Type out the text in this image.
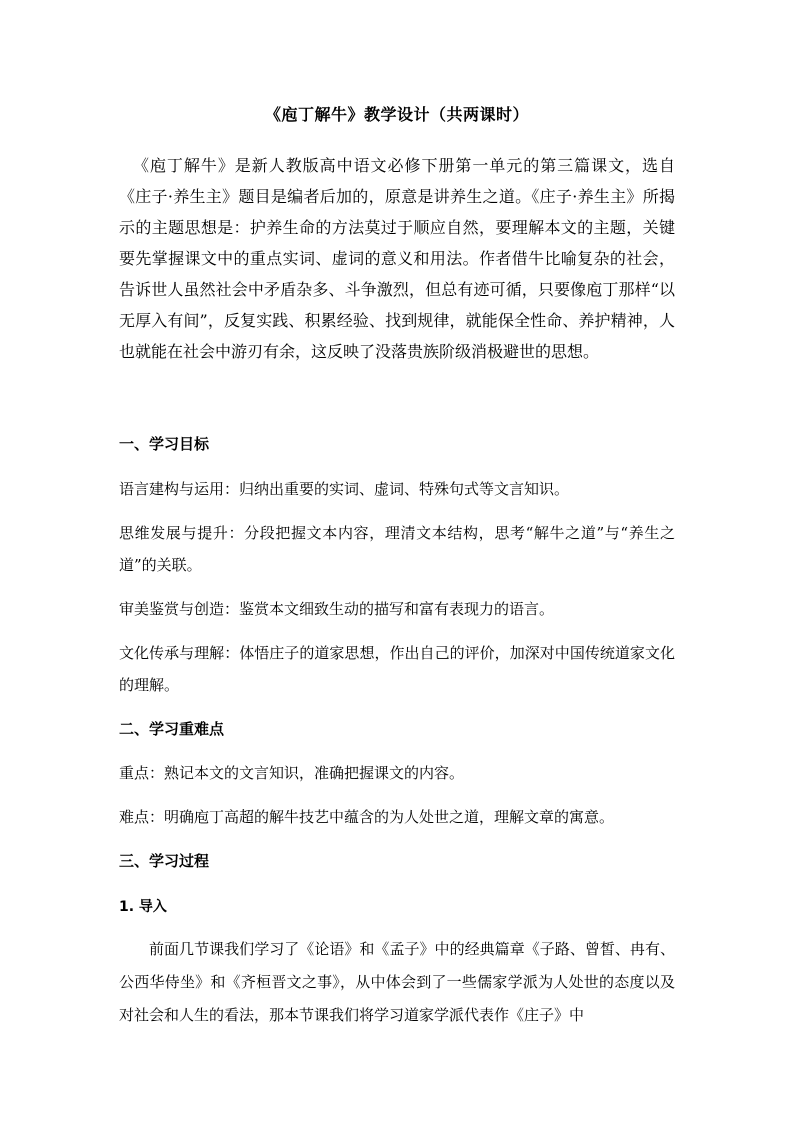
《庖丁解牛》教学设计（共两课时）
《庖丁解牛》是新人教版高中语文必修下册第一单元的第三篇课文，选自《庄子·养生主》题目是编者后加的，原意是讲养生之道。《庄子·养生主》所揭示的主题思想是：护养生命的方法莫过于顺应自然，要理解本文的主题，关键要先掌握课文中的重点实词、虚词的意义和用法。作者借牛比喻复杂的社会，告诉世人虽然社会中矛盾杂多、斗争激烈，但总有迹可循，只要像庖丁那样“以无厚入有间”，反复实践、积累经验、找到规律，就能保全性命、养护精神，人也就能在社会中游刃有余，这反映了没落贵族阶级消极避世的思想。
一、学习目标
语言建构与运用：归纳出重要的实词、虚词、特殊句式等文言知识。
思维发展与提升：分段把握文本内容，理清文本结构，思考“解牛之道”与“养生之道”的关联。
审美鉴赏与创造：鉴赏本文细致生动的描写和富有表现力的语言。
文化传承与理解：体悟庄子的道家思想，作出自己的评价，加深对中国传统道家文化的理解。
二、学习重难点
重点：熟记本文的文言知识，准确把握课文的内容。
难点：明确庖丁高超的解牛技艺中蕴含的为人处世之道，理解文章的寓意。
三、学习过程
1. 导入
前面几节课我们学习了《论语》和《孟子》中的经典篇章《子路、曾皙、冉有、公西华侍坐》和《齐桓晋文之事》，从中体会到了一些儒家学派为人处世的态度以及对社会和人生的看法，那本节课我们将学习道家学派代表作《庄子》中
